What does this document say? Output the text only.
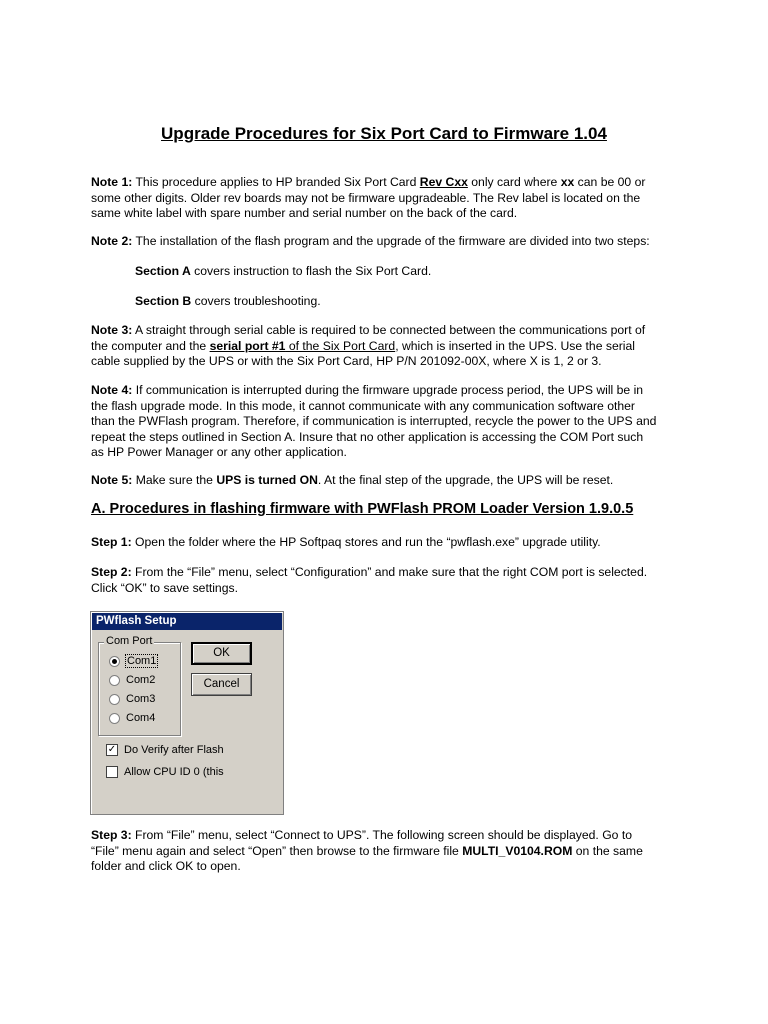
Upgrade Procedures for Six Port Card to Firmware 1.04
Note 1: This procedure applies to HP branded Six Port Card Rev Cxx only card where xx can be 00 or
some other digits. Older rev boards may not be firmware upgradeable. The Rev label is located on the
same white label with spare number and serial number on the back of the card.
Note 2: The installation of the flash program and the upgrade of the firmware are divided into two steps:
Section A covers instruction to flash the Six Port Card.
Section B covers troubleshooting.
Note 3: A straight through serial cable is required to be connected between the communications port of
the computer and the serial port #1 of the Six Port Card, which is inserted in the UPS. Use the serial
cable supplied by the UPS or with the Six Port Card, HP P/N 201092-00X, where X is 1, 2 or 3.
Note 4: If communication is interrupted during the firmware upgrade process period, the UPS will be in
the flash upgrade mode. In this mode, it cannot communicate with any communication software other
than the PWFlash program. Therefore, if communication is interrupted, recycle the power to the UPS and
repeat the steps outlined in Section A. Insure that no other application is accessing the COM Port such
as HP Power Manager or any other application.
Note 5: Make sure the UPS is turned ON. At the final step of the upgrade, the UPS will be reset.
A. Procedures in flashing firmware with PWFlash PROM Loader Version 1.9.0.5
Step 1: Open the folder where the HP Softpaq stores and run the “pwflash.exe” upgrade utility.
Step 2: From the “File” menu, select “Configuration” and make sure that the right COM port is selected.
Click “OK” to save settings.
PWflash Setup
Com Port
Com1
Com2
Com3
Com4
OK
Cancel
✓ Do Verify after Flash
Allow CPU ID 0 (this
Step 3: From “File” menu, select “Connect to UPS”. The following screen should be displayed. Go to
“File” menu again and select “Open” then browse to the firmware file MULTI_V0104.ROM on the same
folder and click OK to open.
